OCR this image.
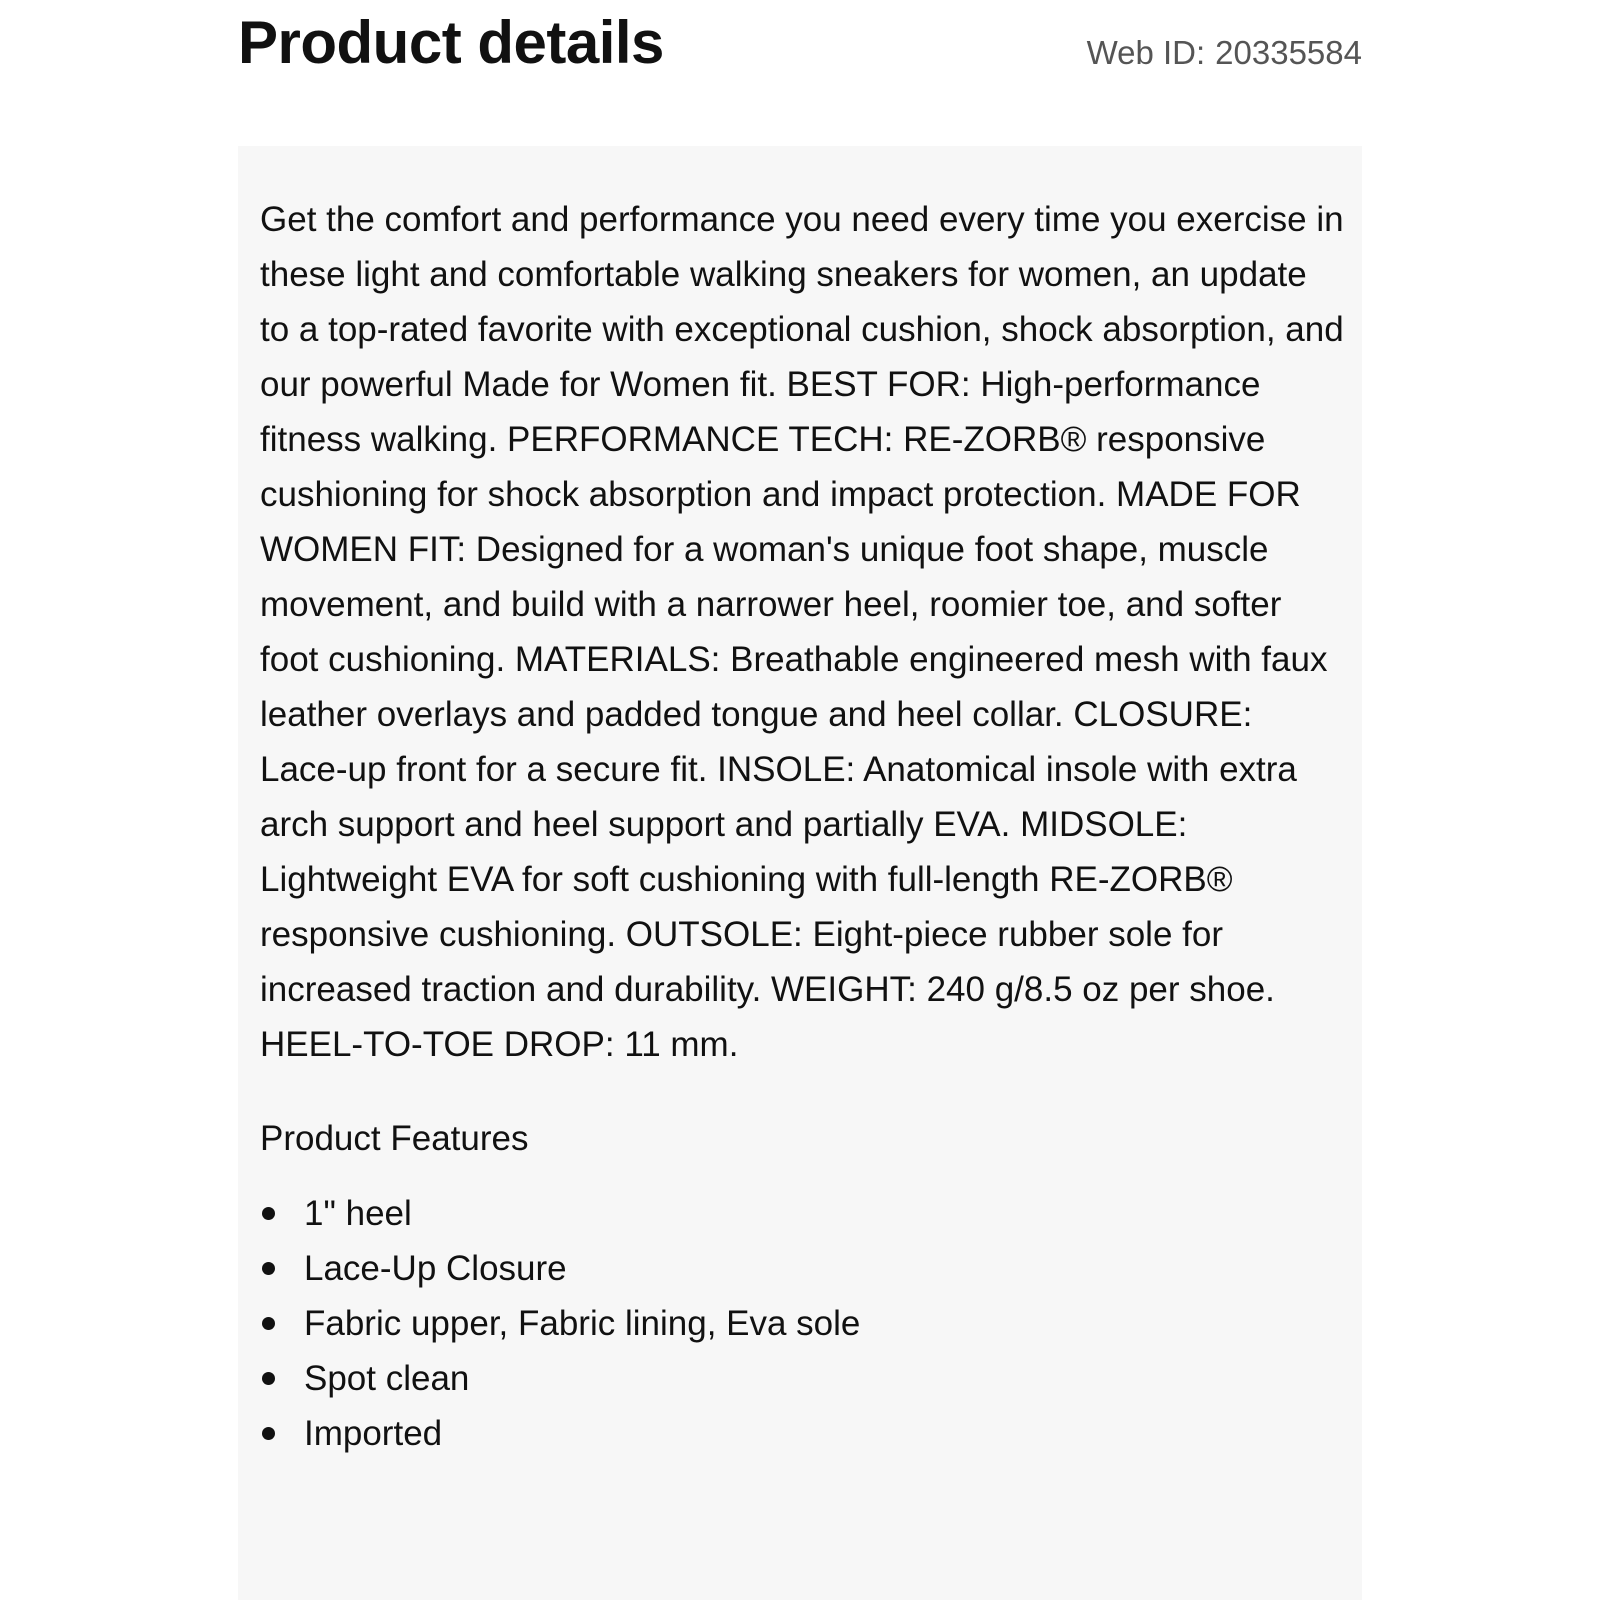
Product details	Web ID: 20335584

Get the comfort and performance you need every time you exercise in these light and comfortable walking sneakers for women, an update to a top-rated favorite with exceptional cushion, shock absorption, and our powerful Made for Women fit. BEST FOR: High-performance fitness walking. PERFORMANCE TECH: RE-ZORB® responsive cushioning for shock absorption and impact protection. MADE FOR WOMEN FIT: Designed for a woman's unique foot shape, muscle movement, and build with a narrower heel, roomier toe, and softer foot cushioning. MATERIALS: Breathable engineered mesh with faux leather overlays and padded tongue and heel collar. CLOSURE: Lace-up front for a secure fit. INSOLE: Anatomical insole with extra arch support and heel support and partially EVA. MIDSOLE: Lightweight EVA for soft cushioning with full-length RE-ZORB® responsive cushioning. OUTSOLE: Eight-piece rubber sole for increased traction and durability. WEIGHT: 240 g/8.5 oz per shoe. HEEL-TO-TOE DROP: 11 mm.

Product Features
1" heel
Lace-Up Closure
Fabric upper, Fabric lining, Eva sole
Spot clean
Imported
